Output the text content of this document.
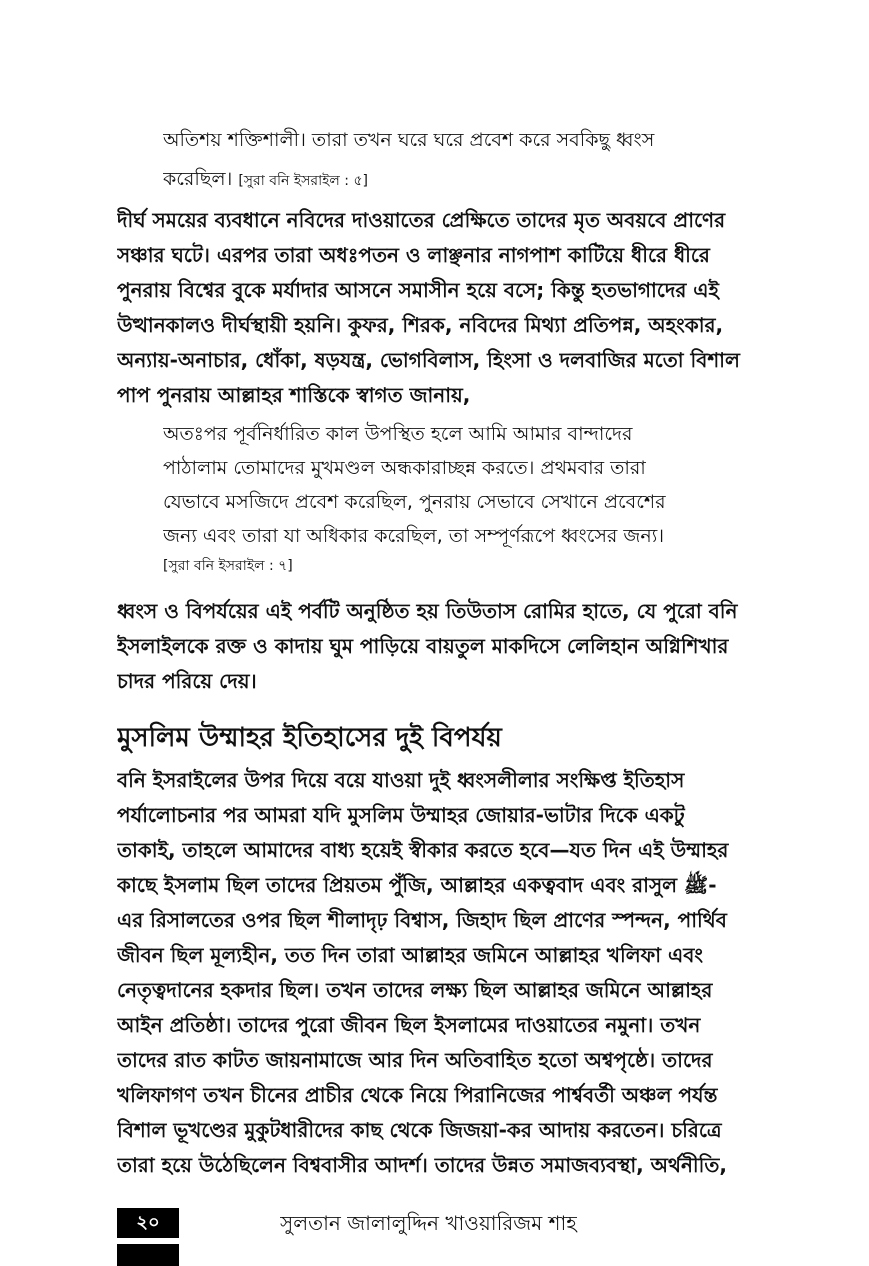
অতিশয় শক্তিশালী। তারা তখন ঘরে ঘরে প্রবেশ করে সবকিছু ধ্বংস
করেছিল। [সুরা বনি ইসরাইল : ৫]
দীর্ঘ সময়ের ব্যবধানে নবিদের দাওয়াতের প্রেক্ষিতে তাদের মৃত অবয়বে প্রাণের
সঞ্চার ঘটে। এরপর তারা অধঃপতন ও লাঞ্ছনার নাগপাশ কাটিয়ে ধীরে ধীরে
পুনরায় বিশ্বের বুকে মর্যাদার আসনে সমাসীন হয়ে বসে; কিন্তু হতভাগাদের এই
উত্থানকালও দীর্ঘস্থায়ী হয়নি। কুফর, শিরক, নবিদের মিথ্যা প্রতিপন্ন, অহংকার,
অন্যায়-অনাচার, ধোঁকা, ষড়যন্ত্র, ভোগবিলাস, হিংসা ও দলবাজির মতো বিশাল
পাপ পুনরায় আল্লাহর শাস্তিকে স্বাগত জানায়,
অতঃপর পূর্বনির্ধারিত কাল উপস্থিত হলে আমি আমার বান্দাদের
পাঠালাম তোমাদের মুখমণ্ডল অন্ধকারাচ্ছন্ন করতে। প্রথমবার তারা
যেভাবে মসজিদে প্রবেশ করেছিল, পুনরায় সেভাবে সেখানে প্রবেশের
জন্য এবং তারা যা অধিকার করেছিল, তা সম্পূর্ণরূপে ধ্বংসের জন্য।
[সুরা বনি ইসরাইল : ৭]
ধ্বংস ও বিপর্যয়ের এই পর্বটি অনুষ্ঠিত হয় তিউতাস রোমির হাতে, যে পুরো বনি
ইসলাইলকে রক্ত ও কাদায় ঘুম পাড়িয়ে বায়তুল মাকদিসে লেলিহান অগ্নিশিখার
চাদর পরিয়ে দেয়।
মুসলিম উম্মাহর ইতিহাসের দুই বিপর্যয়
বনি ইসরাইলের উপর দিয়ে বয়ে যাওয়া দুই ধ্বংসলীলার সংক্ষিপ্ত ইতিহাস
পর্যালোচনার পর আমরা যদি মুসলিম উম্মাহর জোয়ার-ভাটার দিকে একটু
তাকাই, তাহলে আমাদের বাধ্য হয়েই স্বীকার করতে হবে—যত দিন এই উম্মাহর
কাছে ইসলাম ছিল তাদের প্রিয়তম পুঁজি, আল্লাহর একত্ববাদ এবং রাসুল ﷺ-
এর রিসালতের ওপর ছিল শীলাদৃঢ় বিশ্বাস, জিহাদ ছিল প্রাণের স্পন্দন, পার্থিব
জীবন ছিল মূল্যহীন, তত দিন তারা আল্লাহর জমিনে আল্লাহর খলিফা এবং
নেতৃত্বদানের হকদার ছিল। তখন তাদের লক্ষ্য ছিল আল্লাহর জমিনে আল্লাহর
আইন প্রতিষ্ঠা। তাদের পুরো জীবন ছিল ইসলামের দাওয়াতের নমুনা। তখন
তাদের রাত কাটত জায়নামাজে আর দিন অতিবাহিত হতো অশ্বপৃষ্ঠে। তাদের
খলিফাগণ তখন চীনের প্রাচীর থেকে নিয়ে পিরানিজের পার্শ্ববর্তী অঞ্চল পর্যন্ত
বিশাল ভূখণ্ডের মুকুটধারীদের কাছ থেকে জিজয়া-কর আদায় করতেন। চরিত্রে
তারা হয়ে উঠেছিলেন বিশ্ববাসীর আদর্শ। তাদের উন্নত সমাজব্যবস্থা, অর্থনীতি,
২০	সুলতান জালালুদ্দিন খাওয়ারিজম শাহ
